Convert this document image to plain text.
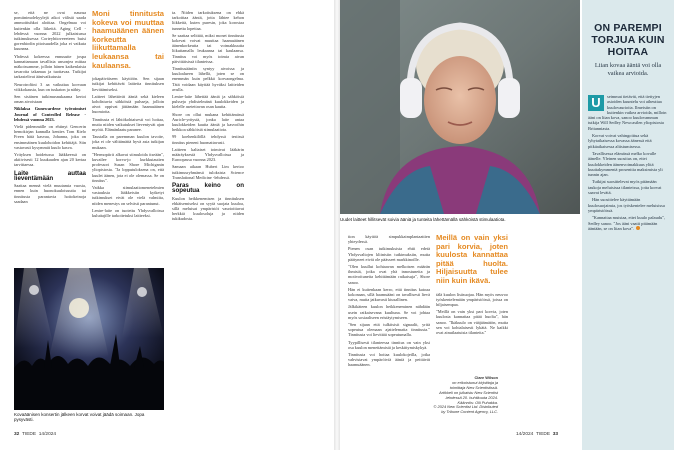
se, että ne ovat naurua pomiinimolekyylejä aikoi välistä saada ammoittuhkoi aloittaa. Ongelmaa voi kuitenkin olla liikeitä. Aging Cell -lehdessä vuonna 2022 julkaistussa tutkimuksessa Corteyhtioveeeteen buisi gorenhiodin pitoisuudella joka ei vaikuta kuuneaa.

Yhdessä kokeessa ennusutte jospa kannattamaan tavallisia unsonjea mittaa mäkoissamme, jolloin hänen kaikenlaisia tavaroita takamaa ja tuottavaa. Tutkijat tarkastelivat äänivaikutusta

Neurotrofiini 3 aa vaikuttaa korvaan viikkokausia, kun on tuskaton ja nähty.

Sen sisäinen tutkimusnukaama kertoi oman aivoistaan

Niklaksa Gunewardene tyõvoimiset Journal of Controlled Release -lehdessä vuonna 2023.

Vielä pidemmälle on ehtinyt Gencerin hemokirjan kannalla kenties Tom Kielo Freen hätä kasvaa, Johanna, joka on ensimmäinen kuulohoidon kehittäjä. Siin vastavasti kysymmät kuulo kasva.

Yrityksen hoidetussa lääkkeessä on aktiivisesti 12 kuukauden ajan 20 kertaa tarvittaessa.

Laite auttaa lieventämään

Saattaa mennä vielä muutamia vuosia, ennen kuin huonokuuloisuutta tai tinnitusta parantavia hoitokeinoja saadaan

Moni tinnitusta kokeva voi muuttaa haamuäänen äänen korkeutta liikuttamalla leukaansa tai kaulaansa.

jokapäiväiseen käyttöön. Sen sijaan tutkijat kehittävät laitteita tinnituksen lievittämiseksi.

Laitteet lähettävät ääniä sekä kieleen kohdistuvia sähköisiä pulsseja, jolloin aivot oppivat jättämään haamuäänen huomiotta.

Tinnitusta ei lähtökohtaisesti voi hoitaa, mutta niiden vaikutukset lieventyvät ajan myötä. Elämänlaatu paranee.

Taustalla on paremman kuulon tavoite, joka ei ole välttämättä hyvä asia tutkijan mukaan.

"Hermopiirit alkavat stimuloida itseään", kuvailee korva-jo kurkkutautien professori Susan Shore Michiganin yliopistosta. "Ja lopputuloksena on, että kuulet äänen, jota ei ole olemassa. Se on tinnitus".

Vaikka stimulaatiomenetelmien vastauksia lääkkeisiin kytketyt tutkimukset eivät ole vielä valmiita, niiden menestys on selvästi parantunut.

Lenire-laite on tuotettu Yhdysvalloissa kuluttajille tarkoitetuksi laitteeksi.

ta. Niiden tarkoituksena on ehkä tarkoittaa ääntä, jotta lähtee kehon liikkeitä, kuten puresin, joka korostaa tunnetta lopettaa.

Se saattaa selittää, miksi monet tinnitusta kokevat voivat muuttaa haamuäänen äänenkorkeutta tai voimakkuutta liikuttamalla leukaansa tai kaulaansa. Tinnitus voi myös toimia aivan päivittäisissä tilanteissa.

Tinnitusääniin syntyy aivoissa ja kuuloalueen lähellä, joten se on enemmän kuin pelkkä korvaongelma. Tätä voidaan käyttää hyväksi laitteiden avulla.

Lenire-laite lähettää ääniä ja sähköisiä pulsseja yhdistelmänä kuulokkeiden ja kielelle asetettavan osan kautta.

Shore on ollut mukana kehittämässä Auricle-yritystä, jonka laite antaa kuulokkeiden kautta ääniä ja kasvoihin heikkoa sähköistä stimulaatiota.

99 koehenkilöllä tehdyssä testissä tinnitus pieneni huomattavasti.

Laitteen kaltaiset toimivat lääkärin määräyksestä Yhdysvalloissa ja Euroopassa vuonna 2023.

Samaan aikaan Hubert Lim kertoo tutkimusryhmänsä tuloksista Science Translational Medicine -lehdessä.

Paras keino on sopeutua

Kuulon heikkenemisen ja tinnituksen ehkäisemiseksi on syytä suojata kuuloa, sillä meluisat ympäristöt vaurioittavat herkkiä kuulosoluja ja niiden tukikudosta.

Kovaäänisen konsertin jälkeen korvat voivat jäädä soimaan. Jopa pysyvästi.
32 TIEDE 14/2024
Uudet laitteet hillitsevät soivia ääniä ja tunteita lähettämällä sähköistä stimulaatiota.

tion käyttöä simpukkaimplantaattien yhteydessä.

Pienen osan tutkimuksista ehtii edetä Yhdysvaltojen kliinisiin tutkimuksiin, mutta päätyneet eivät ole päässeet markkinoille.

"Olen kuullut kohtaavan melkoisen määrän ihmisiä, jotka ovat yhä innostuneita ja motivoituneita kehittämään ratkaisuja", Shore sanoo.

Hän ei kuitenkaan kerro, että tinnitus katoaa kokonaan, sillä haamuääni on tavallisesti lievä vaiva, mutta jatkuvasti kiusallinen.

Jälkikäteen kuulon heikkeneminen nähdään usein ratkaisevana kuultuna. Se voi johtaa myös sosiaaliseen eristäytymiseen.

"Sen sijaan että tulkitsisit signaalit, yritä sopeutua olemaan ajattelematta tinnitusta." Tinnitusta voi lievittää sopeutumalla.

Tyypillisesti tilanteessa tinnitus on vain yksi osa kuulon menettämistä ja keskittymiskykyä.

Tinnitusta voi hoitaa kuulokojeilla, jotka vahvistavat ympäröiviä ääniä ja peittävät haamuäänen.

Meillä on vain yksi pari korvia, joten kuulosta kannattaa pitää huolta. Hiljaisuutta tulee niin kuin ikävä.

tälä kuulon lisäsuojaa. Hän myös neuvoo työskentelemään ympäristöissä, joissa on hiljaisempaa.

"Meillä on vain yksi pari korvia, joten kuulosta kannattaa pitää huolta", hän sanoo. "Ikäkuulo on vääjäämätön, mutta sen voi kohtalaisesti lykätä. Ne kaikki ovat ainutlaatuisia tilanteita."

14/2024 TIEDE 33
Clare Wilson
on erikoistunut kirjoittaja ja
toimittaja New Scientistissä.
Artikkeli on julkaistu New Scientist
-lehdessä 20. huhtikuuta 2024.
Käännös: Olli Puhakka.
© 2024 New Scientist Ltd. Distributed
by Tribune Content Agency, LLC.
ON PAREMPI TORJUA KUIN HOITAA
Liian kovaa ääntä voi olla vaikea arvioida.
U	seimmat tietävät, että tiettyjen asioiden kuuntelu voi aiheuttaa kuulovaurioita. Ilmeisiin on kuitenkin vaikea arvioida, milloin ääni on liian kova, sanoo kuulovamman tutkija Will Sedley Newcastlen yliopistosta Britanniasta.

Korvat voivat vahingoittua sekä lyhytaikaisessa kovassa äänessä että pitkäaikaisessa altistumisessa.

Tavallisessa elämässä melko kovalle äänelle. Yleinen suositus on, ettei kuulokkeiden äänenvoimakkuus ylitä kuuttakymmentä prosenttia maksimista yli tunnin ajan.

Tutkijat suosittelevat myös pitämään taukoja meluisissa tilanteissa, jotta korvat saavat levätä.

Hän suosittelee käyttämään kuulosuojaimia, jos työskentelee meluisissa ympäristöissä.

"Kannattaa muistaa, ettei kuulo palaudu", Sedley sanoo. "Jos ääni vaatii pitämään ääntään, se on liian kova".
